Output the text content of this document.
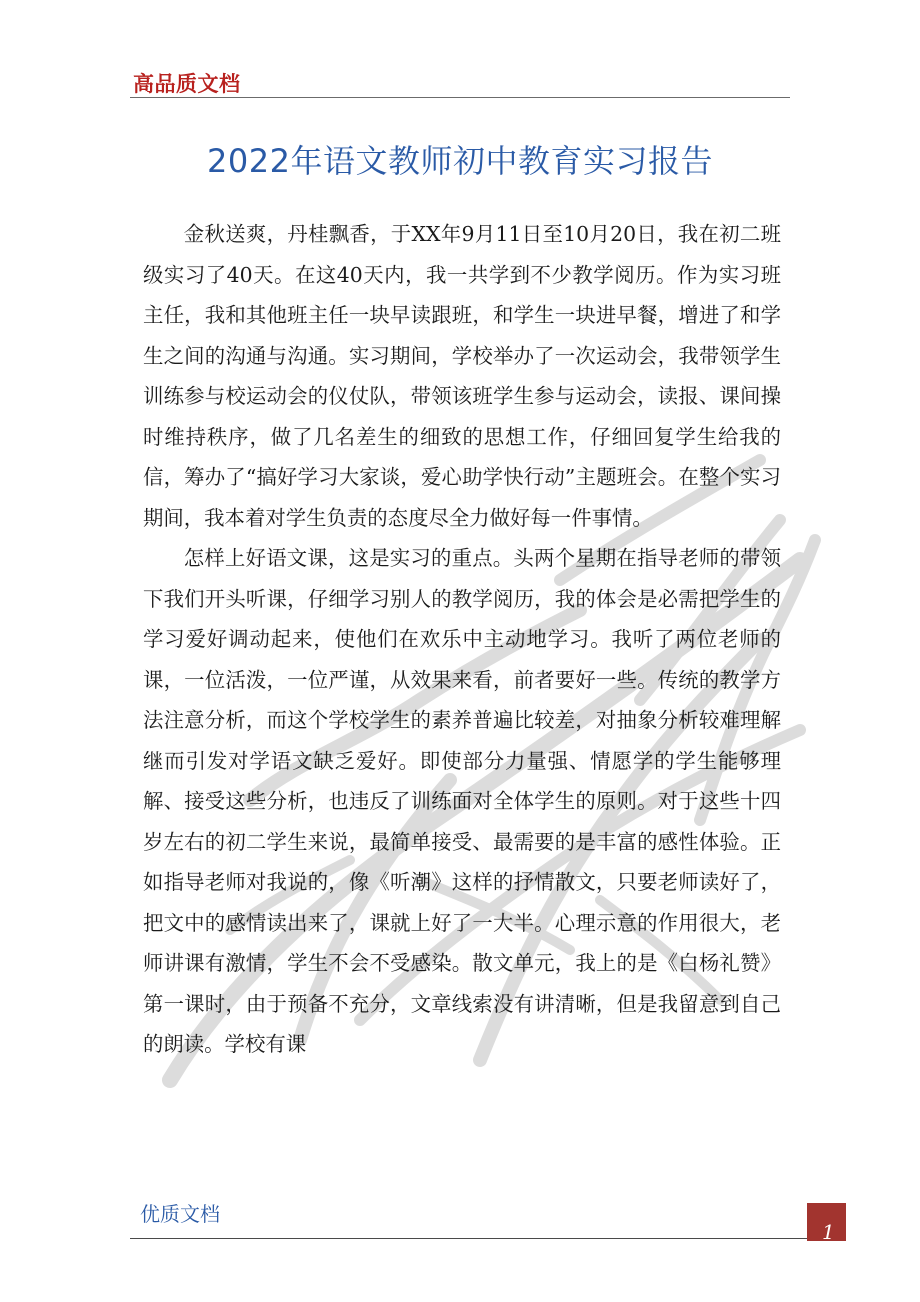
高品质文档
2022年语文教师初中教育实习报告

金秋送爽，丹桂飘香，于XX年9月11日至10月20日，我在初二班级实习了40天。在这40天内，我一共学到不少教学阅历。作为实习班主任，我和其他班主任一块早读跟班，和学生一块进早餐，增进了和学生之间的沟通与沟通。实习期间，学校举办了一次运动会，我带领学生训练参与校运动会的仪仗队，带领该班学生参与运动会，读报、课间操时维持秩序，做了几名差生的细致的思想工作，仔细回复学生给我的信，筹办了“搞好学习大家谈，爱心助学快行动”主题班会。在整个实习期间，我本着对学生负责的态度尽全力做好每一件事情。

怎样上好语文课，这是实习的重点。头两个星期在指导老师的带领下我们开头听课，仔细学习别人的教学阅历，我的体会是必需把学生的学习爱好调动起来，使他们在欢乐中主动地学习。我听了两位老师的课，一位活泼，一位严谨，从效果来看，前者要好一些。传统的教学方法注意分析，而这个学校学生的素养普遍比较差，对抽象分析较难理解继而引发对学语文缺乏爱好。即使部分力量强、情愿学的学生能够理解、接受这些分析，也违反了训练面对全体学生的原则。对于这些十四岁左右的初二学生来说，最简单接受、最需要的是丰富的感性体验。正如指导老师对我说的，像《听潮》这样的抒情散文，只要老师读好了，把文中的感情读出来了，课就上好了一大半。心理示意的作用很大，老师讲课有激情，学生不会不受感染。散文单元，我上的是《白杨礼赞》第一课时，由于预备不充分，文章线索没有讲清晰，但是我留意到自己的朗读。学校有课

优质文档
1
